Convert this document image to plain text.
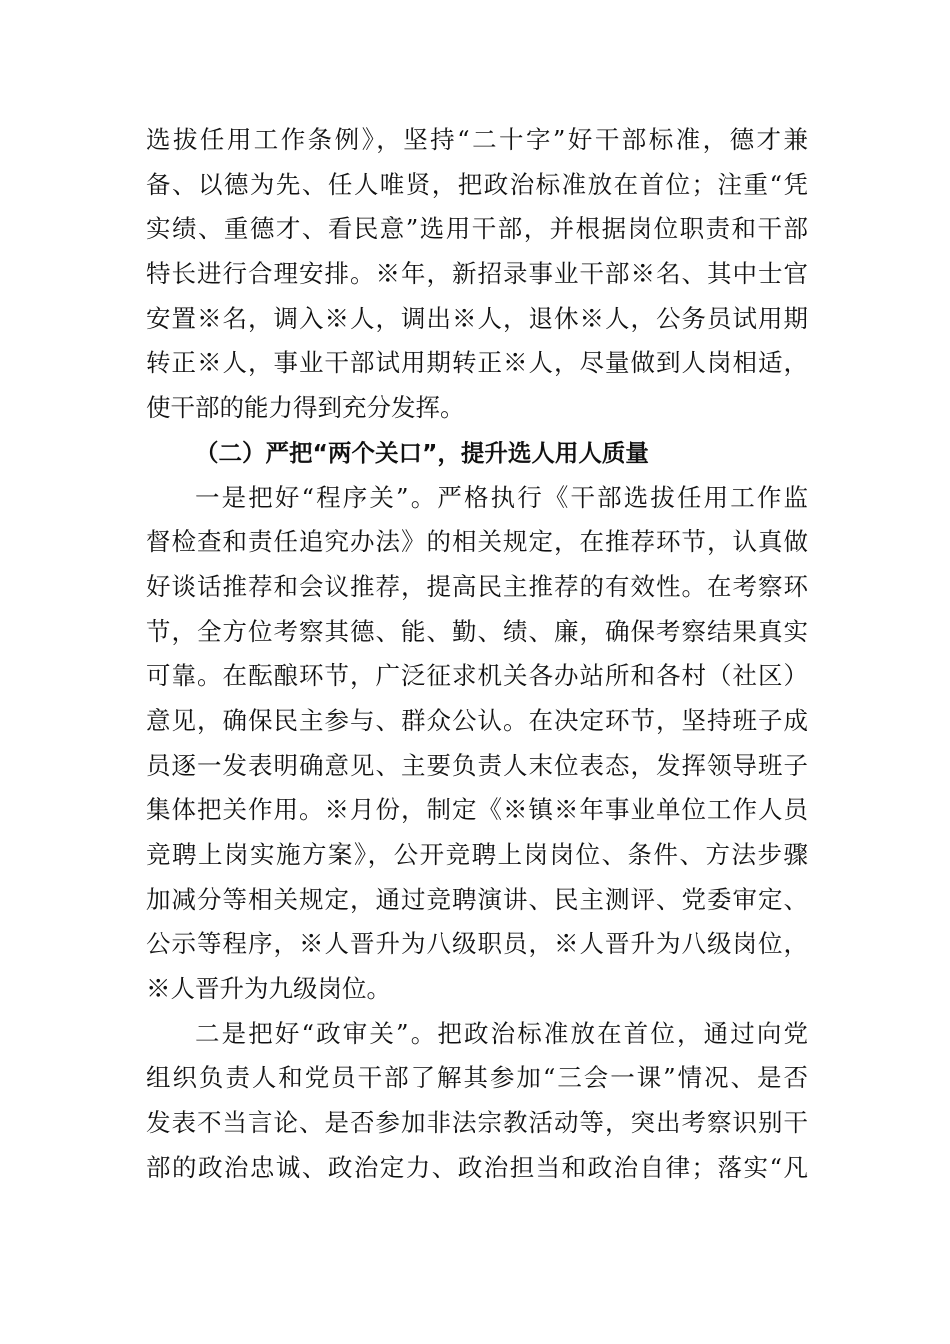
选拔任用工作条例》，坚持“二十字”好干部标准，德才兼
备、以德为先、任人唯贤，把政治标准放在首位；注重“凭
实绩、重德才、看民意”选用干部，并根据岗位职责和干部
特长进行合理安排。※年，新招录事业干部※名、其中士官
安置※名，调入※人，调出※人，退休※人，公务员试用期
转正※人，事业干部试用期转正※人，尽量做到人岗相适，
使干部的能力得到充分发挥。
（二）严把“两个关口”，提升选人用人质量
一是把好“程序关”。严格执行《干部选拔任用工作监
督检查和责任追究办法》的相关规定，在推荐环节，认真做
好谈话推荐和会议推荐，提高民主推荐的有效性。在考察环
节，全方位考察其德、能、勤、绩、廉，确保考察结果真实
可靠。在酝酿环节，广泛征求机关各办站所和各村（社区）
意见，确保民主参与、群众公认。在决定环节，坚持班子成
员逐一发表明确意见、主要负责人末位表态，发挥领导班子
集体把关作用。※月份，制定《※镇※年事业单位工作人员
竞聘上岗实施方案》，公开竞聘上岗岗位、条件、方法步骤
加减分等相关规定，通过竞聘演讲、民主测评、党委审定、
公示等程序，※人晋升为八级职员，※人晋升为八级岗位，
※人晋升为九级岗位。
二是把好“政审关”。把政治标准放在首位，通过向党
组织负责人和党员干部了解其参加“三会一课”情况、是否
发表不当言论、是否参加非法宗教活动等，突出考察识别干
部的政治忠诚、政治定力、政治担当和政治自律；落实“凡
